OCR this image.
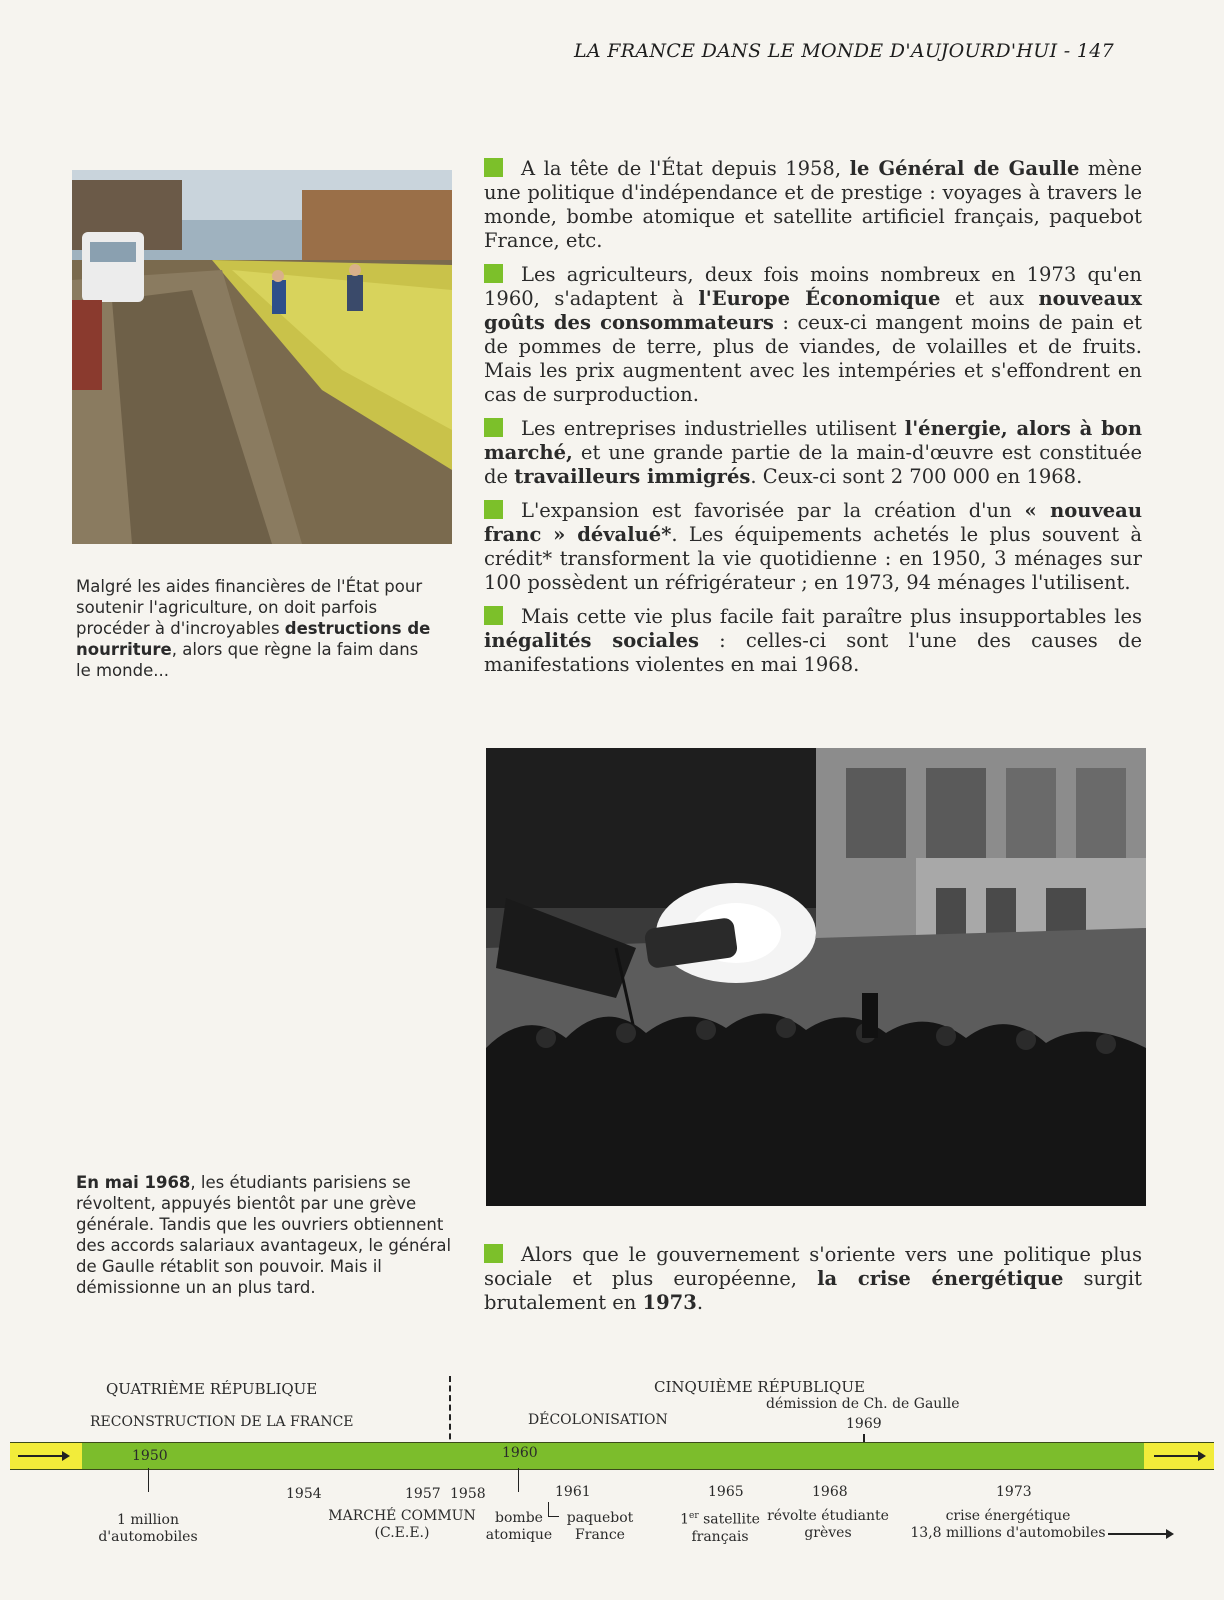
LA FRANCE DANS LE MONDE D'AUJOURD'HUI - 147
Malgré les aides financières de l'État pour soutenir l'agriculture, on doit parfois procéder à d'incroyables destructions de nourriture, alors que règne la faim dans le monde...

A la tête de l'État depuis 1958, le Général de Gaulle mène une politique d'indépendance et de prestige : voyages à travers le monde, bombe atomique et satellite artificiel français, paquebot France, etc.

Les agriculteurs, deux fois moins nombreux en 1973 qu'en 1960, s'adaptent à l'Europe Économique et aux nouveaux goûts des consommateurs : ceux-ci mangent moins de pain et de pommes de terre, plus de viandes, de volailles et de fruits. Mais les prix augmentent avec les intempéries et s'effondrent en cas de surproduction.

Les entreprises industrielles utilisent l'énergie, alors à bon marché, et une grande partie de la main-d'œuvre est constituée de travailleurs immigrés. Ceux-ci sont 2 700 000 en 1968.

L'expansion est favorisée par la création d'un « nouveau franc » dévalué*. Les équipements achetés le plus souvent à crédit* transforment la vie quotidienne : en 1950, 3 ménages sur 100 possèdent un réfrigérateur ; en 1973, 94 ménages l'utilisent.

Mais cette vie plus facile fait paraître plus insupportables les inégalités sociales : celles-ci sont l'une des causes de manifestations violentes en mai 1968.

En mai 1968, les étudiants parisiens se révoltent, appuyés bientôt par une grève générale. Tandis que les ouvriers obtiennent des accords salariaux avantageux, le général de Gaulle rétablit son pouvoir. Mais il démissionne un an plus tard.

Alors que le gouvernement s'oriente vers une politique plus sociale et plus européenne, la crise énergétique surgit brutalement en 1973.

QUATRIÈME RÉPUBLIQUE	CINQUIÈME RÉPUBLIQUE
RECONSTRUCTION DE LA FRANCE	DÉCOLONISATION
démission de Ch. de Gaulle
1969
1950	1960
1954	1957 1958	1961	1965	1968	1973
1 million
d'automobiles
MARCHÉ COMMUN
(C.E.E.)
bombe
atomique
paquebot
France
1er satellite
français
révolte étudiante
grèves
crise énergétique
13,8 millions d'automobiles
